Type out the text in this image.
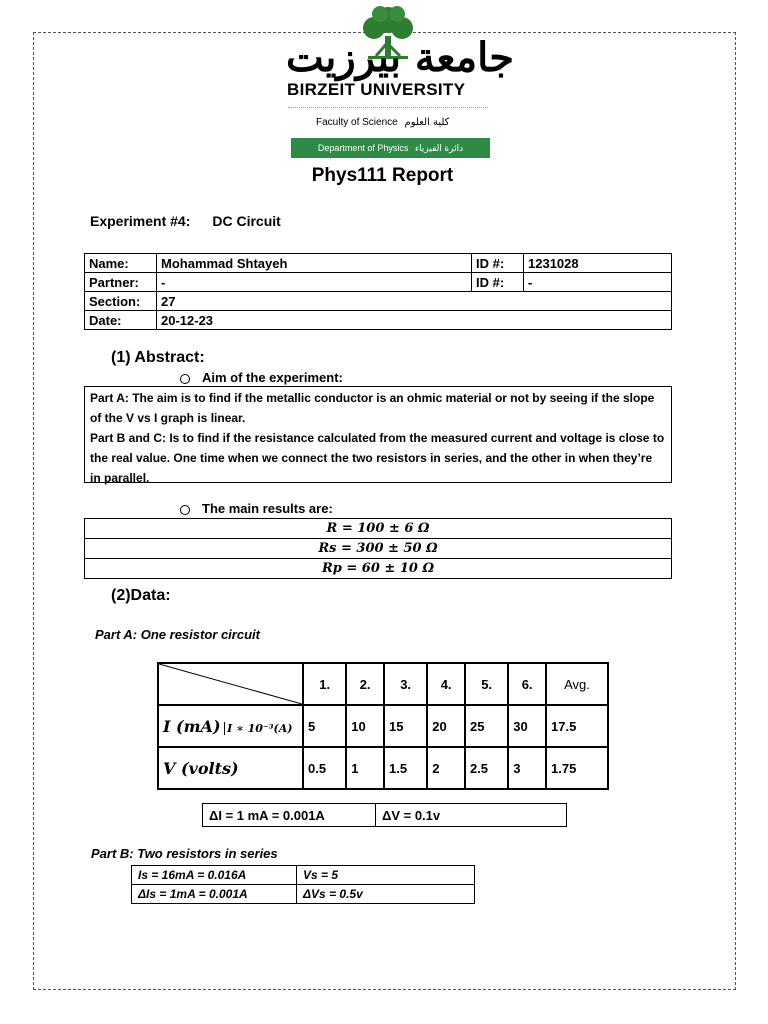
جامعة بيرزيت
BIRZEIT UNIVERSITY
Faculty of Science كلية العلوم
Department of Physics دائرة الفيزياء
Phys111 Report
Experiment #4: DC Circuit
Name:	Mohammad Shtayeh	ID #:	1231028
Partner:	-	ID #:	-
Section:	27		
Date:	20-12-23		
(1) Abstract:
Aim of the experiment:
Part A: The aim is to find if the metallic conductor is an ohmic material or not by seeing if the slope of the V vs I graph is linear.
Part B and C: Is to find if the resistance calculated from the measured current and voltage is close to the real value. One time when we connect the two resistors in series, and the other in when they’re in parallel.
The main results are:
R = 100 ± 6 Ω
Rs = 300 ± 50 Ω
Rp = 60 ± 10 Ω
(2)Data:
Part A: One resistor circuit
	1.	2.	3.	4.	5.	6.	Avg.
I (mA) I ∗ 10⁻³(A)	5	10	15	20	25	30	17.5
V (volts)	0.5	1	1.5	2	2.5	3	1.75
ΔI = 1 mA = 0.001A	ΔV = 0.1v
Part B: Two resistors in series
Is = 16mA = 0.016A	Vs = 5
ΔIs = 1mA = 0.001A	ΔVs = 0.5v
